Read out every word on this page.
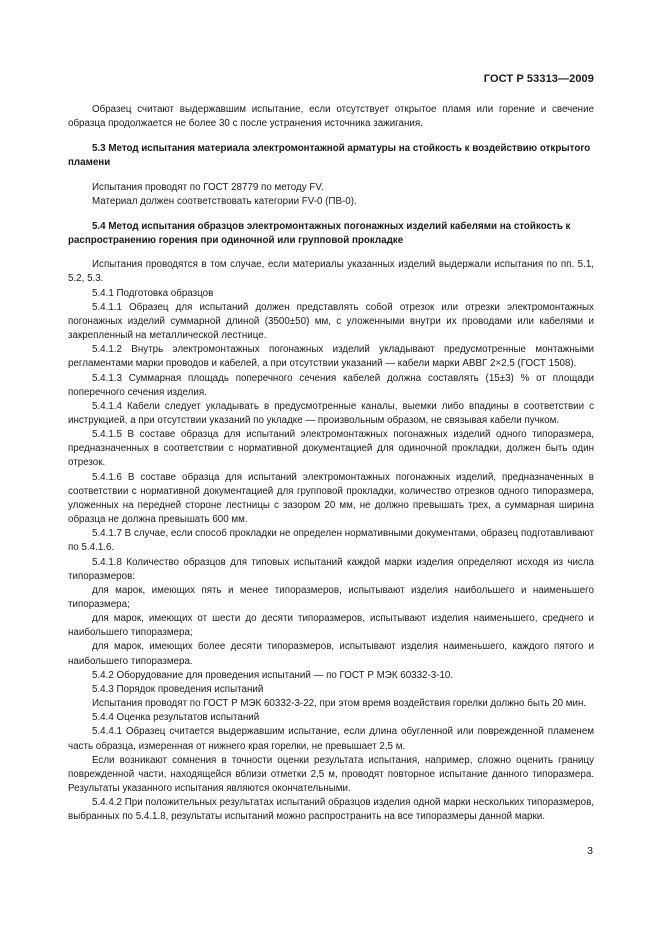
ГОСТ Р 53313—2009

Образец считают выдержавшим испытание, если отсутствует открытое пламя или горение и свечение образца продолжается не более 30 с после устранения источника зажигания.

5.3 Метод испытания материала электромонтажной арматуры на стойкость к воздействию открытого пламени

Испытания проводят по ГОСТ 28779 по методу FV.

Материал должен соответствовать категории FV-0 (ПВ-0).

5.4 Метод испытания образцов электромонтажных погонажных изделий кабелями на стойкость к распространению горения при одиночной или групповой прокладке

Испытания проводятся в том случае, если материалы указанных изделий выдержали испытания по пп. 5.1, 5.2, 5.3.

5.4.1 Подготовка образцов

5.4.1.1 Образец для испытаний должен представлять собой отрезок или отрезки электромонтажных погонажных изделий суммарной длиной (3500±50) мм, с уложенными внутри их проводами или кабелями и закрепленный на металлической лестнице.

5.4.1.2 Внутрь электромонтажных погонажных изделий укладывают предусмотренные монтажными регламентами марки проводов и кабелей, а при отсутствии указаний — кабели марки АВВГ 2×2,5 (ГОСТ 1508).

5.4.1.3 Суммарная площадь поперечного сечения кабелей должна составлять (15±3) % от площади поперечного сечения изделия.

5.4.1.4 Кабели следует укладывать в предусмотренные каналы, выемки либо впадины в соответствии с инструкцией, а при отсутствии указаний по укладке — произвольным образом, не связывая кабели пучком.

5.4.1.5 В составе образца для испытаний электромонтажных погонажных изделий одного типоразмера, предназначенных в соответствии с нормативной документацией для одиночной прокладки, должен быть один отрезок.

5.4.1.6 В составе образца для испытаний электромонтажных погонажных изделий, предназначенных в соответствии с нормативной документацией для групповой прокладки, количество отрезков одного типоразмера, уложенных на передней стороне лестницы с зазором 20 мм, не должно превышать трех, а суммарная ширина образца не должна превышать 600 мм.

5.4.1.7 В случае, если способ прокладки не определен нормативными документами, образец подготавливают по 5.4.1.6.

5.4.1.8 Количество образцов для типовых испытаний каждой марки изделия определяют исходя из числа типоразмеров:

для марок, имеющих пять и менее типоразмеров, испытывают изделия наибольшего и наименьшего типоразмера;

для марок, имеющих от шести до десяти типоразмеров, испытывают изделия наименьшего, среднего и наибольшего типоразмера;

для марок, имеющих более десяти типоразмеров, испытывают изделия наименьшего, каждого пятого и наибольшего типоразмера.

5.4.2 Оборудование для проведения испытаний — по ГОСТ Р МЭК 60332-3-10.

5.4.3 Порядок проведения испытаний

Испытания проводят по ГОСТ Р МЭК 60332-3-22, при этом время воздействия горелки должно быть 20 мин.

5.4.4 Оценка результатов испытаний

5.4.4.1 Образец считается выдержавшим испытание, если длина обугленной или поврежденной пламенем часть образца, измеренная от нижнего края горелки, не превышает 2,5 м.

Если возникают сомнения в точности оценки результата испытания, например, сложно оценить границу поврежденной части, находящейся вблизи отметки 2,5 м, проводят повторное испытание данного типоразмера. Результаты указанного испытания являются окончательными.

5.4.4.2 При положительных результатах испытаний образцов изделия одной марки нескольких типоразмеров, выбранных по 5.4.1.8, результаты испытаний можно распространить на все типоразмеры данной марки.

3
